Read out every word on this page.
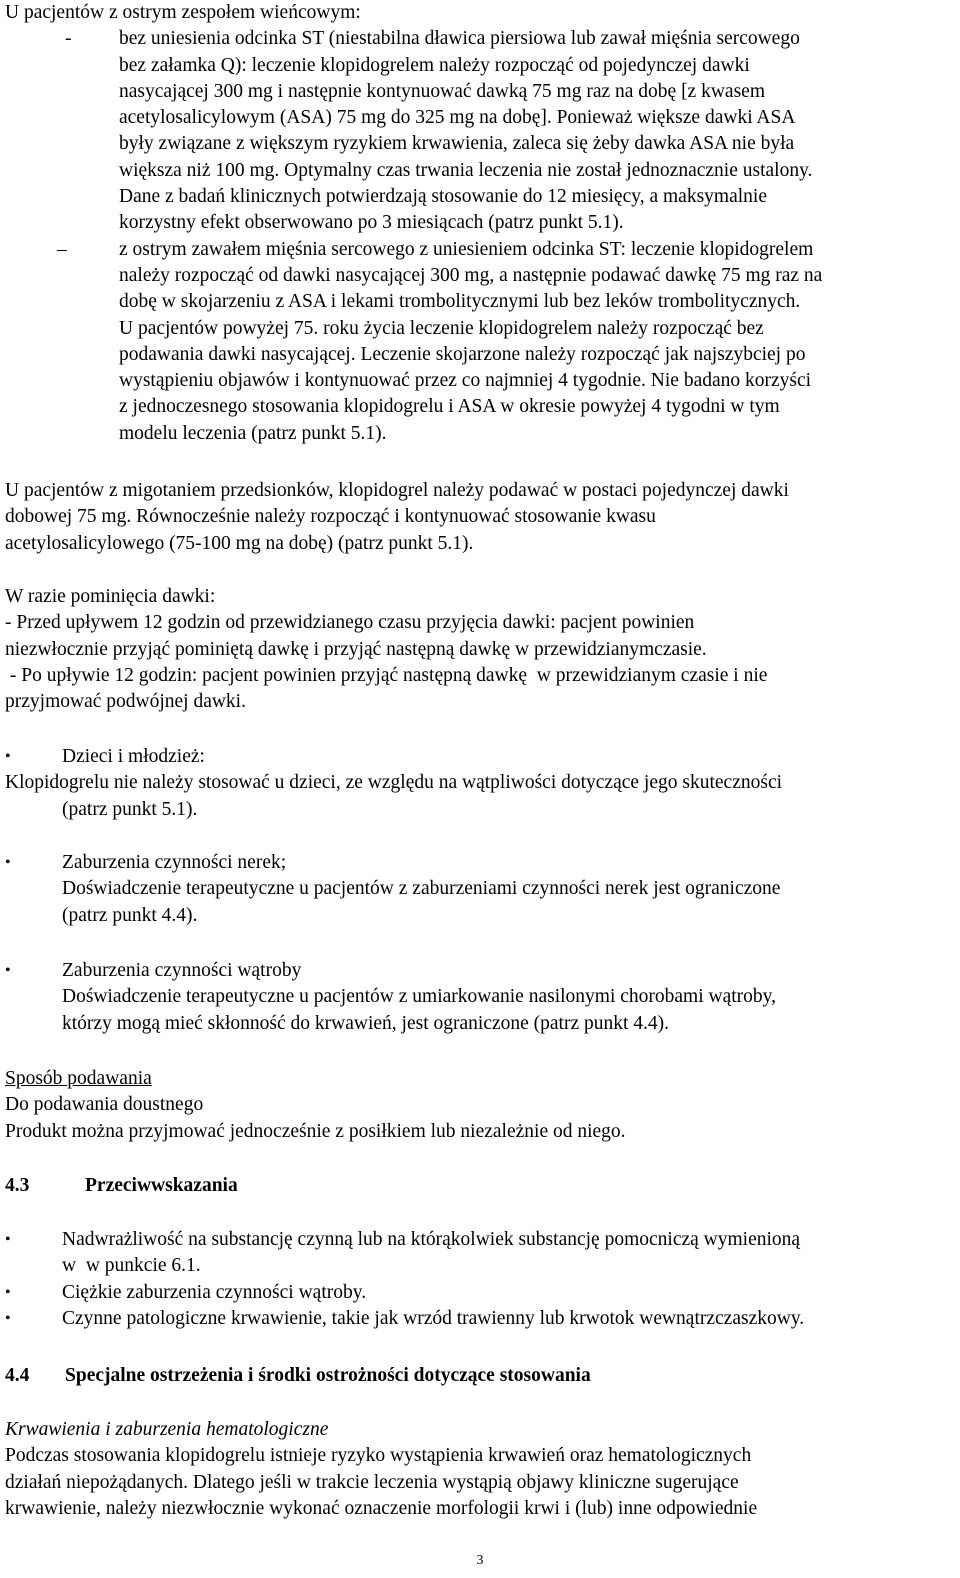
U pacjentów z ostrym zespołem wieńcowym:

- bez uniesienia odcinka ST (niestabilna dławica piersiowa lub zawał mięśnia sercowego

bez załamka Q): leczenie klopidogrelem należy rozpocząć od pojedynczej dawki

nasycającej 300 mg i następnie kontynuować dawką 75 mg raz na dobę [z kwasem

acetylosalicylowym (ASA) 75 mg do 325 mg na dobę]. Ponieważ większe dawki ASA

były związane z większym ryzykiem krwawienia, zaleca się żeby dawka ASA nie była

większa niż 100 mg. Optymalny czas trwania leczenia nie został jednoznacznie ustalony.

Dane z badań klinicznych potwierdzają stosowanie do 12 miesięcy, a maksymalnie

korzystny efekt obserwowano po 3 miesiącach (patrz punkt 5.1).

–	z ostrym zawałem mięśnia sercowego z uniesieniem odcinka ST: leczenie klopidogrelem

należy rozpocząć od dawki nasycającej 300 mg, a następnie podawać dawkę 75 mg raz na

dobę w skojarzeniu z ASA i lekami trombolitycznymi lub bez leków trombolitycznych.

U pacjentów powyżej 75. roku życia leczenie klopidogrelem należy rozpocząć bez

podawania dawki nasycającej. Leczenie skojarzone należy rozpocząć jak najszybciej po

wystąpieniu objawów i kontynuować przez co najmniej 4 tygodnie. Nie badano korzyści

z jednoczesnego stosowania klopidogrelu i ASA w okresie powyżej 4 tygodni w tym

modelu leczenia (patrz punkt 5.1).

U pacjentów z migotaniem przedsionków, klopidogrel należy podawać w postaci pojedynczej dawki

dobowej 75 mg. Równocześnie należy rozpocząć i kontynuować stosowanie kwasu

acetylosalicylowego (75-100 mg na dobę) (patrz punkt 5.1).

W razie pominięcia dawki:

- Przed upływem 12 godzin od przewidzianego czasu przyjęcia dawki: pacjent powinien

niezwłocznie przyjąć pominiętą dawkę i przyjąć następną dawkę w przewidzianymczasie.

- Po upływie 12 godzin: pacjent powinien przyjąć następną dawkę  w przewidzianym czasie i nie

przyjmować podwójnej dawki.

•	Dzieci i młodzież:

Klopidogrelu nie należy stosować u dzieci, ze względu na wątpliwości dotyczące jego skuteczności

(patrz punkt 5.1).

•	Zaburzenia czynności nerek;

Doświadczenie terapeutyczne u pacjentów z zaburzeniami czynności nerek jest ograniczone

(patrz punkt 4.4).

•	Zaburzenia czynności wątroby

Doświadczenie terapeutyczne u pacjentów z umiarkowanie nasilonymi chorobami wątroby,

którzy mogą mieć skłonność do krwawień, jest ograniczone (patrz punkt 4.4).

Sposób podawania

Do podawania doustnego

Produkt można przyjmować jednocześnie z posiłkiem lub niezależnie od niego.

4.3	Przeciwwskazania

•	Nadwrażliwość na substancję czynną lub na którąkolwiek substancję pomocniczą wymienioną

w  w punkcie 6.1.

•	Ciężkie zaburzenia czynności wątroby.

•	Czynne patologiczne krwawienie, takie jak wrzód trawienny lub krwotok wewnątrzczaszkowy.

4.4 Specjalne ostrzeżenia i środki ostrożności dotyczące stosowania

Krwawienia i zaburzenia hematologiczne

Podczas stosowania klopidogrelu istnieje ryzyko wystąpienia krwawień oraz hematologicznych

działań niepożądanych. Dlatego jeśli w trakcie leczenia wystąpią objawy kliniczne sugerujące

krwawienie, należy niezwłocznie wykonać oznaczenie morfologii krwi i (lub) inne odpowiednie

3
